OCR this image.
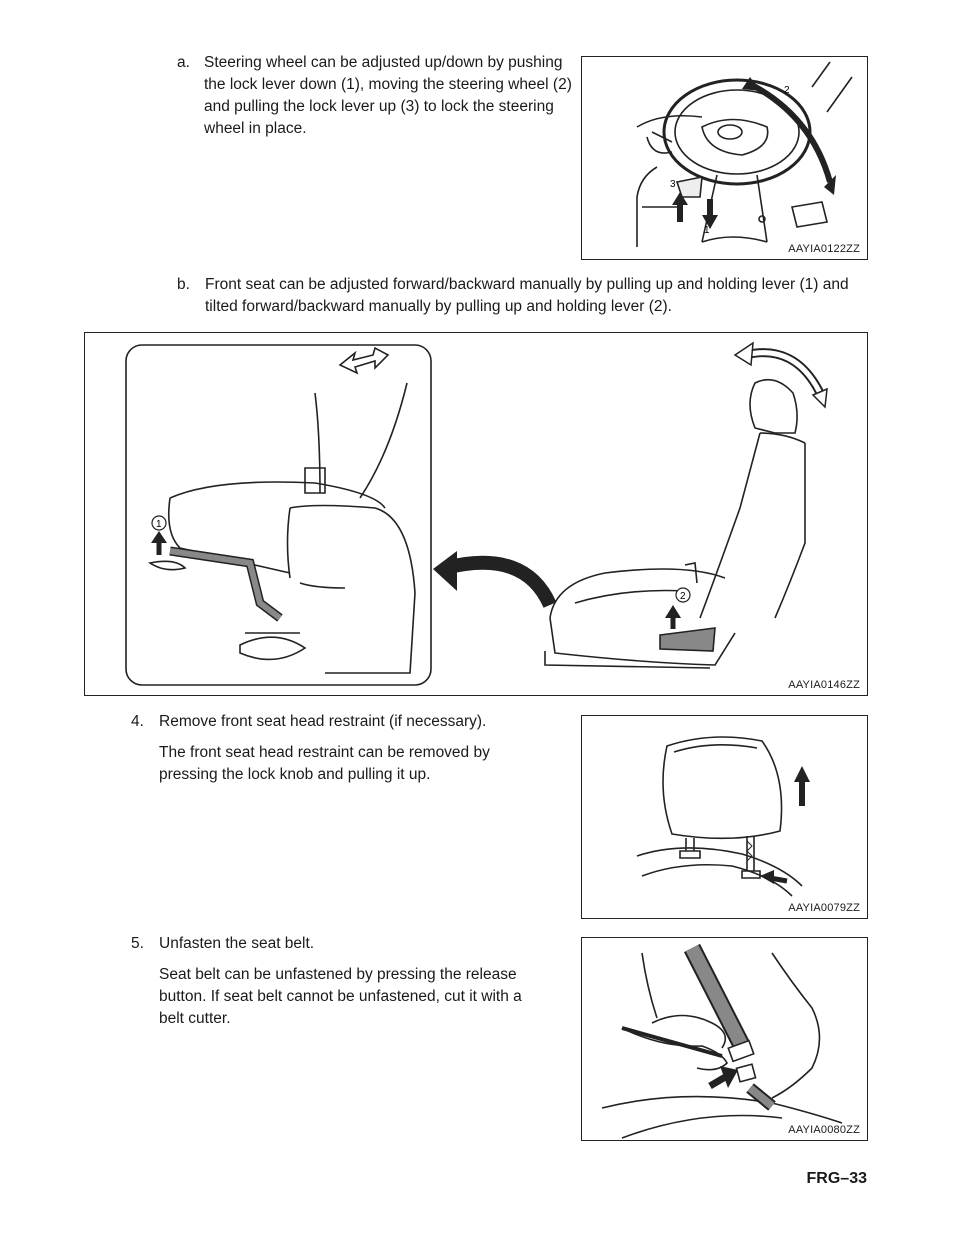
a. Steering wheel can be adjusted up/down by pushing the lock lever down (1), moving the steering wheel (2) and pulling the lock lever up (3) to lock the steering wheel in place.
2
3
1
AAYIA0122ZZ
b. Front seat can be adjusted forward/backward manually by pulling up and holding lever (1) and tilted forward/backward manually by pulling up and holding lever (2).
1
2
AAYIA0146ZZ
4. Remove front seat head restraint (if necessary).
The front seat head restraint can be removed by pressing the lock knob and pulling it up.
AAYIA0079ZZ
5. Unfasten the seat belt.
Seat belt can be unfastened by pressing the release button. If seat belt cannot be unfastened, cut it with a belt cutter.
AAYIA0080ZZ
FRG–33
